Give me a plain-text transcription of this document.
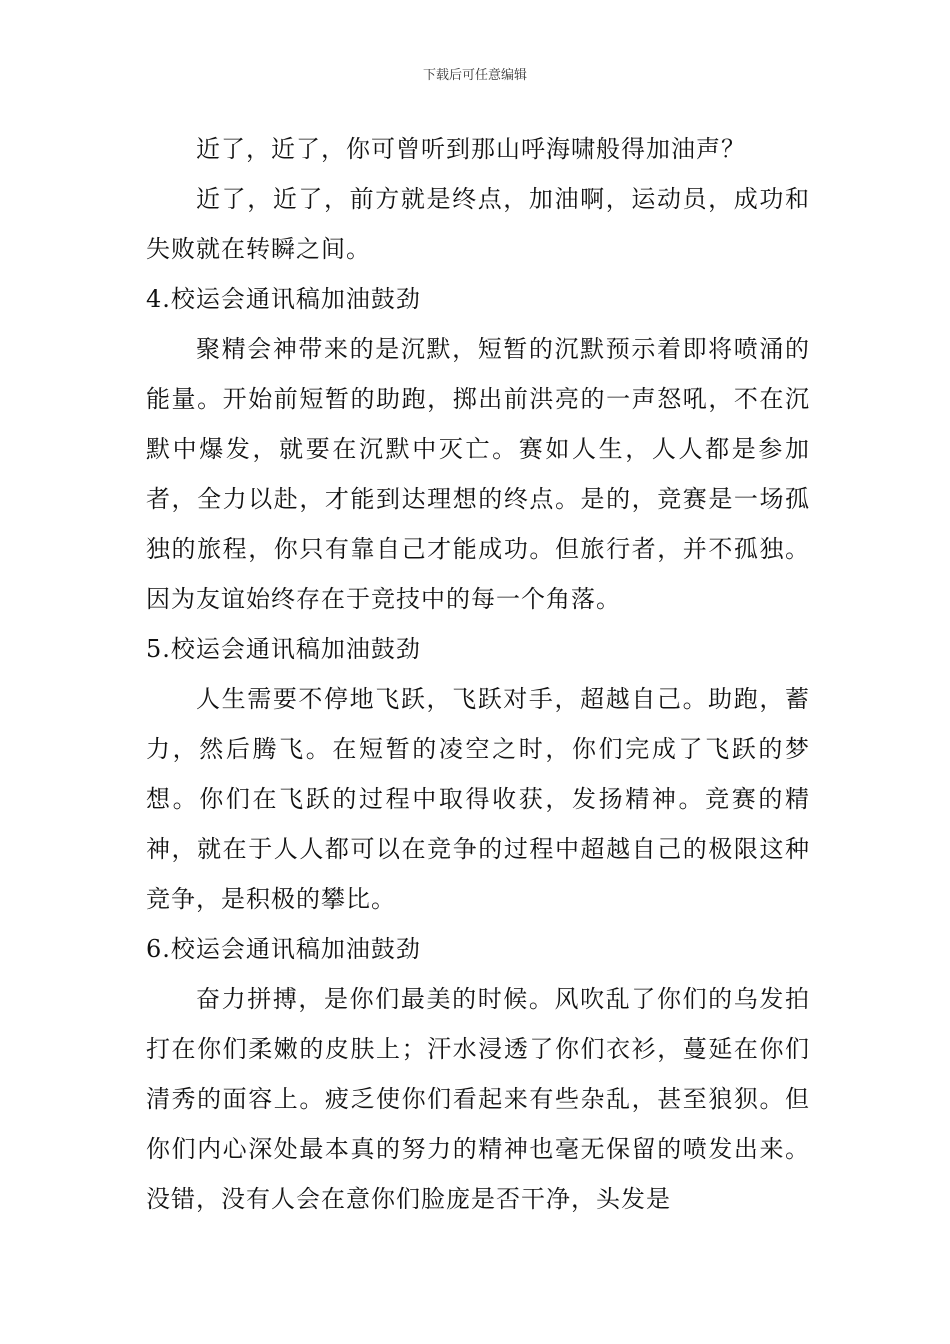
下载后可任意编辑

近了，近了，你可曾听到那山呼海啸般得加油声？

近了，近了，前方就是终点，加油啊，运动员，成功和失败就在转瞬之间。

4.校运会通讯稿加油鼓劲

聚精会神带来的是沉默，短暂的沉默预示着即将喷涌的能量。开始前短暂的助跑，掷出前洪亮的一声怒吼，不在沉默中爆发，就要在沉默中灭亡。赛如人生，人人都是参加者，全力以赴，才能到达理想的终点。是的，竞赛是一场孤独的旅程，你只有靠自己才能成功。但旅行者，并不孤独。因为友谊始终存在于竞技中的每一个角落。

5.校运会通讯稿加油鼓劲

人生需要不停地飞跃，飞跃对手，超越自己。助跑，蓄力，然后腾飞。在短暂的凌空之时，你们完成了飞跃的梦想。你们在飞跃的过程中取得收获，发扬精神。竞赛的精神，就在于人人都可以在竞争的过程中超越自己的极限这种竞争，是积极的攀比。

6.校运会通讯稿加油鼓劲

奋力拼搏，是你们最美的时候。风吹乱了你们的乌发拍打在你们柔嫩的皮肤上；汗水浸透了你们衣衫，蔓延在你们清秀的面容上。疲乏使你们看起来有些杂乱，甚至狼狈。但你们内心深处最本真的努力的精神也毫无保留的喷发出来。没错，没有人会在意你们脸庞是否干净，头发是
